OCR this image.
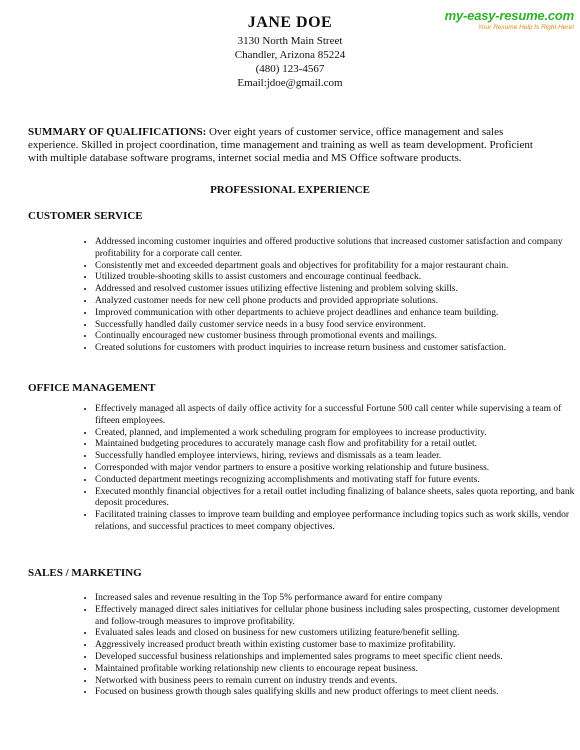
my-easy-resume.com
Your Resume Help Is Right Here!
JANE DOE
3130 North Main Street
Chandler, Arizona 85224
(480) 123-4567
Email:jdoe@gmail.com
SUMMARY OF QUALIFICATIONS: Over eight years of customer service, office management and sales experience. Skilled in project coordination, time management and training as well as team development. Proficient with multiple database software programs, internet social media and MS Office software products.
PROFESSIONAL EXPERIENCE
CUSTOMER SERVICE
• Addressed incoming customer inquiries and offered productive solutions that increased customer satisfaction and company profitability for a corporate call center.
• Consistently met and exceeded department goals and objectives for profitability for a major restaurant chain.
• Utilized trouble-shooting skills to assist customers and encourage continual feedback.
• Addressed and resolved customer issues utilizing effective listening and problem solving skills.
• Analyzed customer needs for new cell phone products and provided appropriate solutions.
• Improved communication with other departments to achieve project deadlines and enhance team building.
• Successfully handled daily customer service needs in a busy food service environment.
• Continually encouraged new customer business through promotional events and mailings.
• Created solutions for customers with product inquiries to increase return business and customer satisfaction.
OFFICE MANAGEMENT
• Effectively managed all aspects of daily office activity for a successful Fortune 500 call center while supervising a team of fifteen employees.
• Created, planned, and implemented a work scheduling program for employees to increase productivity.
• Maintained budgeting procedures to accurately manage cash flow and profitability for a retail outlet.
• Successfully handled employee interviews, hiring, reviews and dismissals as a team leader.
• Corresponded with major vendor partners to ensure a positive working relationship and future business.
• Conducted department meetings recognizing accomplishments and motivating staff for future events.
• Executed monthly financial objectives for a retail outlet including finalizing of balance sheets, sales quota reporting, and bank deposit procedures.
• Facilitated training classes to improve team building and employee performance including topics such as work skills, vendor relations, and successful practices to meet company objectives.
SALES / MARKETING
• Increased sales and revenue resulting in the Top 5% performance award for entire company
• Effectively managed direct sales initiatives for cellular phone business including sales prospecting, customer development and follow-trough measures to improve profitability.
• Evaluated sales leads and closed on business for new customers utilizing feature/benefit selling.
• Aggressively increased product breath within existing customer base to maximize profitability.
• Developed successful business relationships and implemented sales programs to meet specific client needs.
• Maintained profitable working relationship new clients to encourage repeat business.
• Networked with business peers to remain current on industry trends and events.
• Focused on business growth though sales qualifying skills and new product offerings to meet client needs.
